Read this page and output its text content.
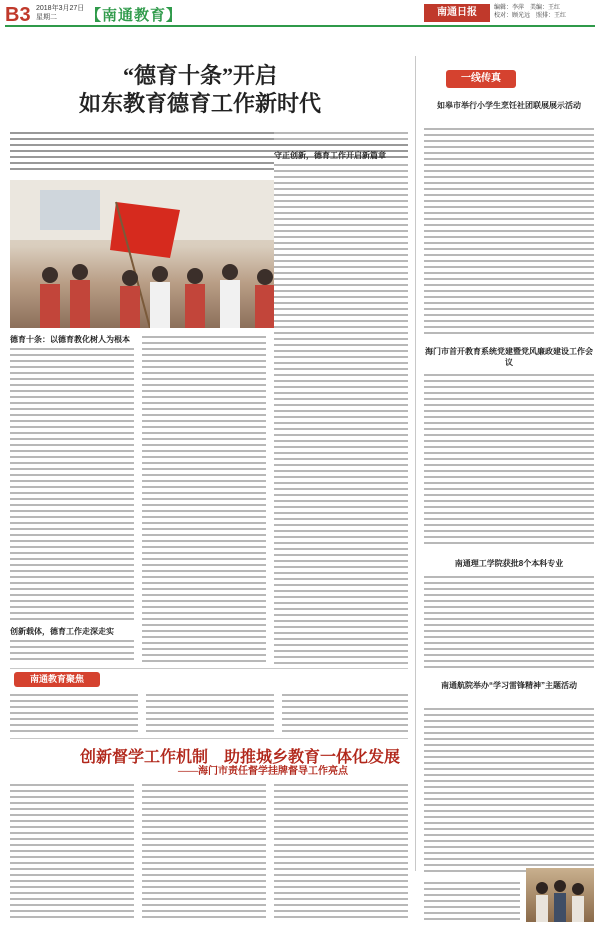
B3 2018年3月27日
星期二	【南通教育】	南通日报	编辑：李萍　 美编：王红
校对：顾光远　 照排：王红
“德育十条”开启
如东教育德育工作新时代
德育十条：以德育教化树人为根本
创新载体，德育工作走深走实
守正创新，德育工作开启新篇章
南通教育聚焦
创新督学工作机制　助推城乡教育一体化发展
——海门市责任督学挂牌督导工作亮点
一线传真
如皋市举行小学生烹饪社团联展展示活动
海门市首开教育系统党建暨党风廉政建设工作会议
南通理工学院获批8个本科专业
南通航院举办“学习雷锋精神”主题活动
